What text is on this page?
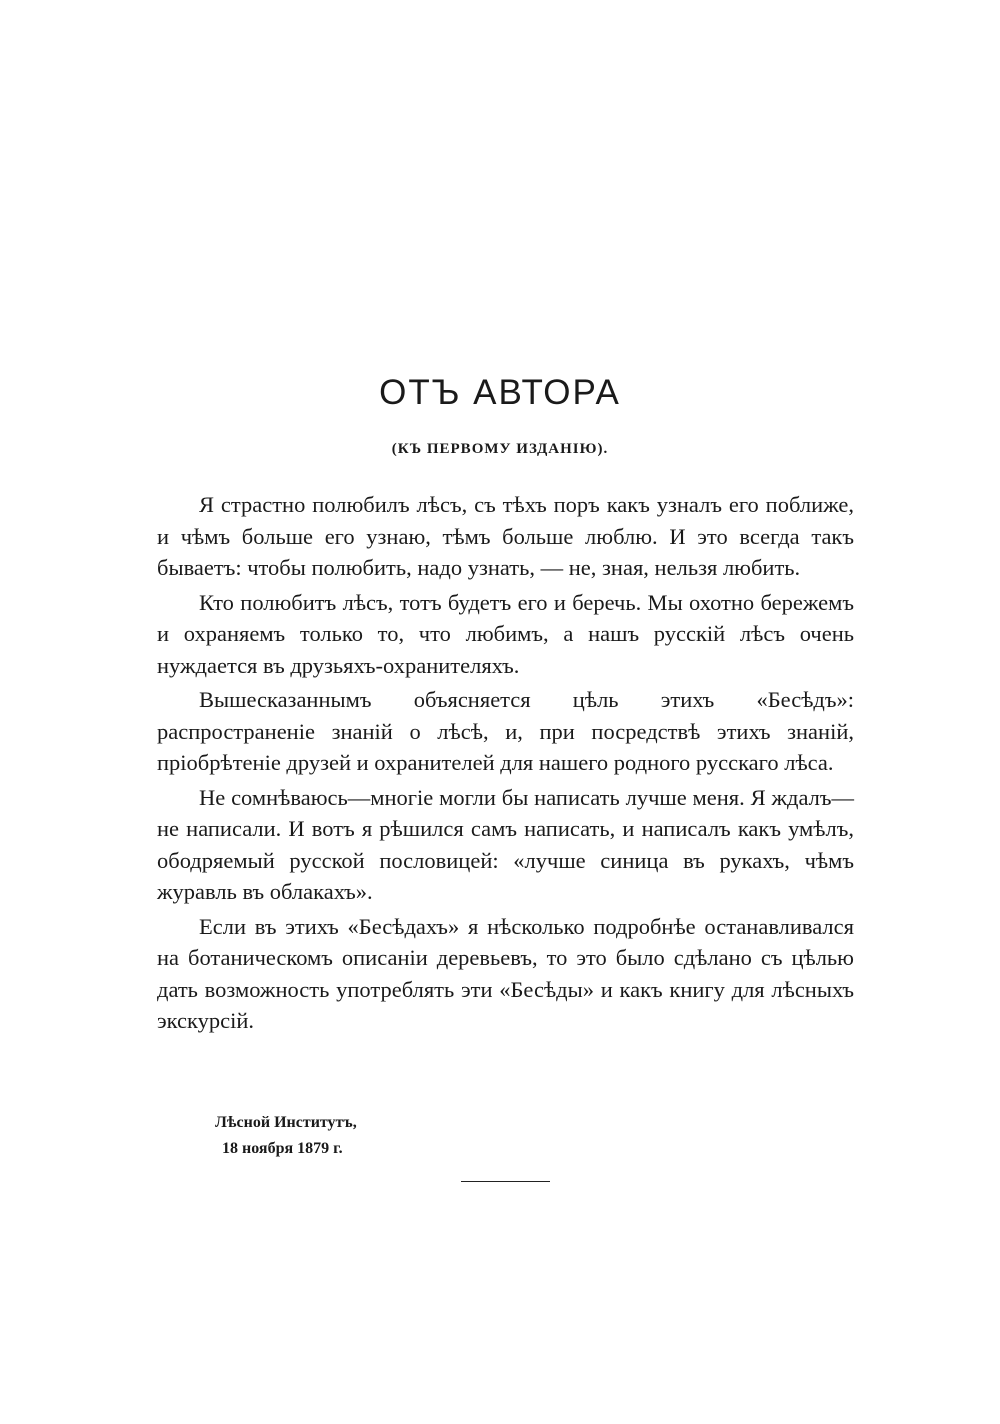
ОТЪ АВТОРА
(КЪ ПЕРВОМУ ИЗДАНІЮ).

Я страстно полюбилъ лѣсъ, съ тѣхъ поръ какъ узналъ его поближе, и чѣмъ больше его узнаю, тѣмъ больше люблю. И это всегда такъ бываетъ: чтобы полюбить, надо узнать, — не, зная, нельзя любить.

Кто полюбитъ лѣсъ, тотъ будетъ его и беречь. Мы охотно бережемъ и охраняемъ только то, что любимъ, а нашъ русскій лѣсъ очень нуждается въ друзьяхъ-охранителяхъ.

Вышесказаннымъ объясняется цѣль этихъ «Бесѣдъ»: распространеніе знаній о лѣсѣ, и, при посредствѣ этихъ знаній, пріобрѣтеніе друзей и охранителей для нашего родного русскаго лѣса.

Не сомнѣваюсь—многіе могли бы написать лучше меня. Я ждалъ—не написали. И вотъ я рѣшился самъ написать, и написалъ какъ умѣлъ, ободряемый русской пословицей: «лучше синица въ рукахъ, чѣмъ журавль въ облакахъ».

Если въ этихъ «Бесѣдахъ» я нѣсколько подробнѣе останавливался на ботаническомъ описаніи деревьевъ, то это было сдѣлано съ цѣлью дать возможность употреблять эти «Бесѣды» и какъ книгу для лѣсныхъ экскурсій.

Лѣсной Институтъ,
18 ноября 1879 г.
